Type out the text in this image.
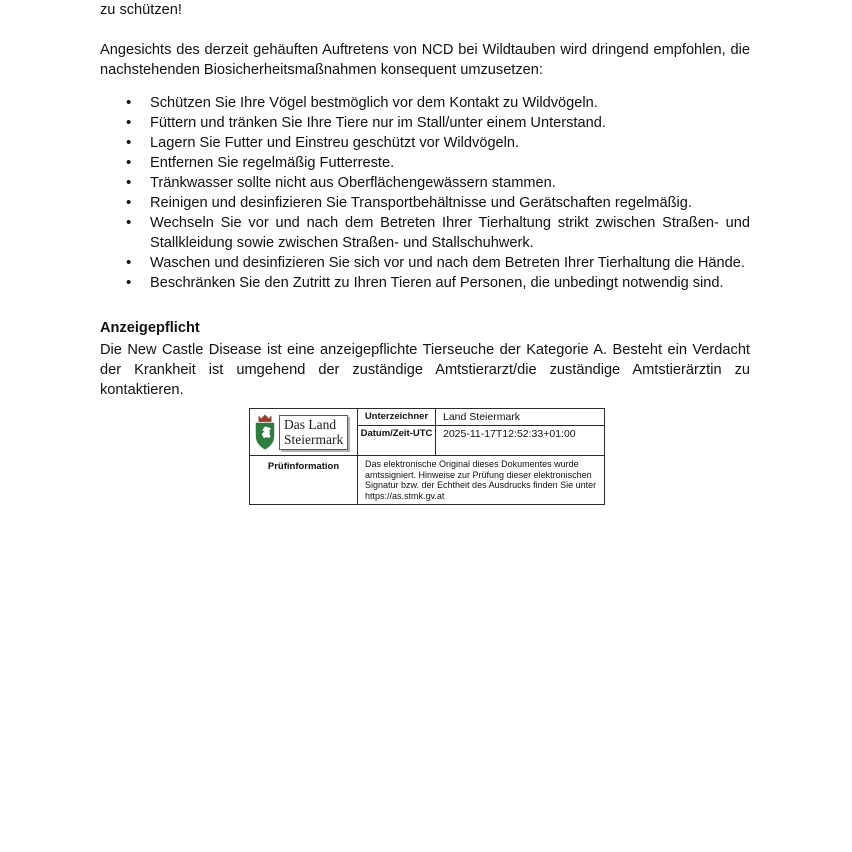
zu schützen!

Angesichts des derzeit gehäuften Auftretens von NCD bei Wildtauben wird dringend empfohlen, die nachstehenden Biosicherheitsmaßnahmen konsequent umzusetzen:

• Schützen Sie Ihre Vögel bestmöglich vor dem Kontakt zu Wildvögeln.
• Füttern und tränken Sie Ihre Tiere nur im Stall/unter einem Unterstand.
• Lagern Sie Futter und Einstreu geschützt vor Wildvögeln.
• Entfernen Sie regelmäßig Futterreste.
• Tränkwasser sollte nicht aus Oberflächengewässern stammen.
• Reinigen und desinfizieren Sie Transportbehältnisse und Gerätschaften regelmäßig.
• Wechseln Sie vor und nach dem Betreten Ihrer Tierhaltung strikt zwischen Straßen- und Stallkleidung sowie zwischen Straßen- und Stallschuhwerk.
• Waschen und desinfizieren Sie sich vor und nach dem Betreten Ihrer Tierhaltung die Hände.
• Beschränken Sie den Zutritt zu Ihren Tieren auf Personen, die unbedingt notwendig sind.
Anzeigepflicht

Die New Castle Disease ist eine anzeigepflichte Tierseuche der Kategorie A. Besteht ein Verdacht der Krankheit ist umgehend der zuständige Amtstierarzt/die zuständige Amtstierärztin zu kontaktieren.

Das Land
Steiermark
Unterzeichner	Land Steiermark
Datum/Zeit-UTC	2025-11-17T12:52:33+01:00
Prüfinformation	Das elektronische Original dieses Dokumentes wurde amtssigniert. Hinweise zur Prüfung dieser elektronischen Signatur bzw. der Echtheit des Ausdrucks finden Sie unter https://as.stmk.gv.at
